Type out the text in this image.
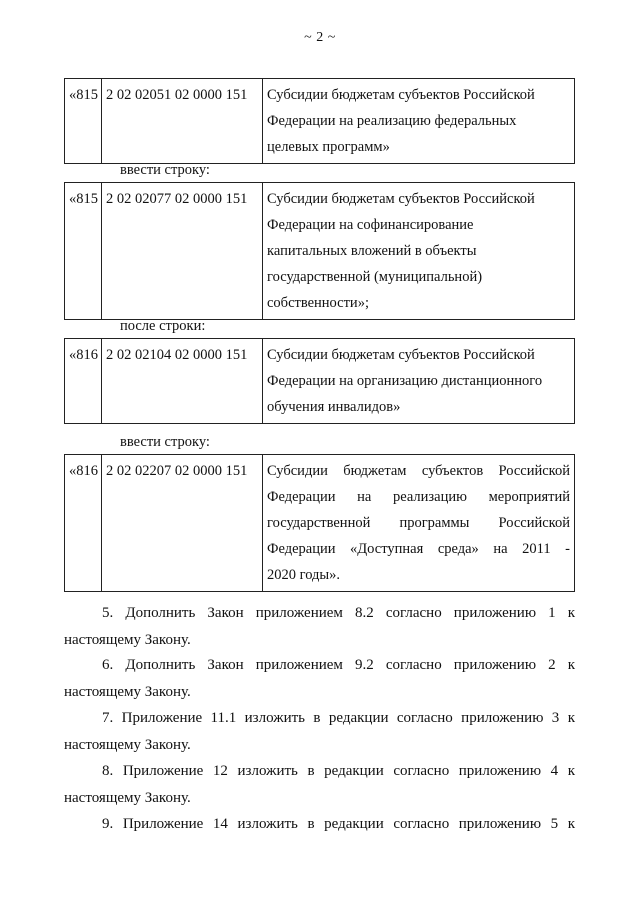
~ 2 ~
«815	2 02 02051 02 0000 151	Субсидии бюджетам субъектов Российской
Федерации на реализацию федеральных
целевых программ»
ввести строку:
«815	2 02 02077 02 0000 151	Субсидии бюджетам субъектов Российской
Федерации на софинансирование
капитальных вложений в объекты
государственной (муниципальной)
собственности»;
после строки:
«816	2 02 02104 02 0000 151	Субсидии бюджетам субъектов Российской
Федерации на организацию дистанционного
обучения инвалидов»
ввести строку:
«816	2 02 02207 02 0000 151	Субсидии бюджетам субъектов Российской
Федерации на реализацию мероприятий
государственной программы Российской
Федерации «Доступная среда» на 2011 -
2020 годы».
5. Дополнить Закон приложением 8.2 согласно приложению 1 к
настоящему Закону.
6. Дополнить Закон приложением 9.2 согласно приложению 2 к
настоящему Закону.
7. Приложение 11.1 изложить в редакции согласно приложению 3 к
настоящему Закону.
8. Приложение 12 изложить в редакции согласно приложению 4 к
настоящему Закону.
9. Приложение 14 изложить в редакции согласно приложению 5 к
